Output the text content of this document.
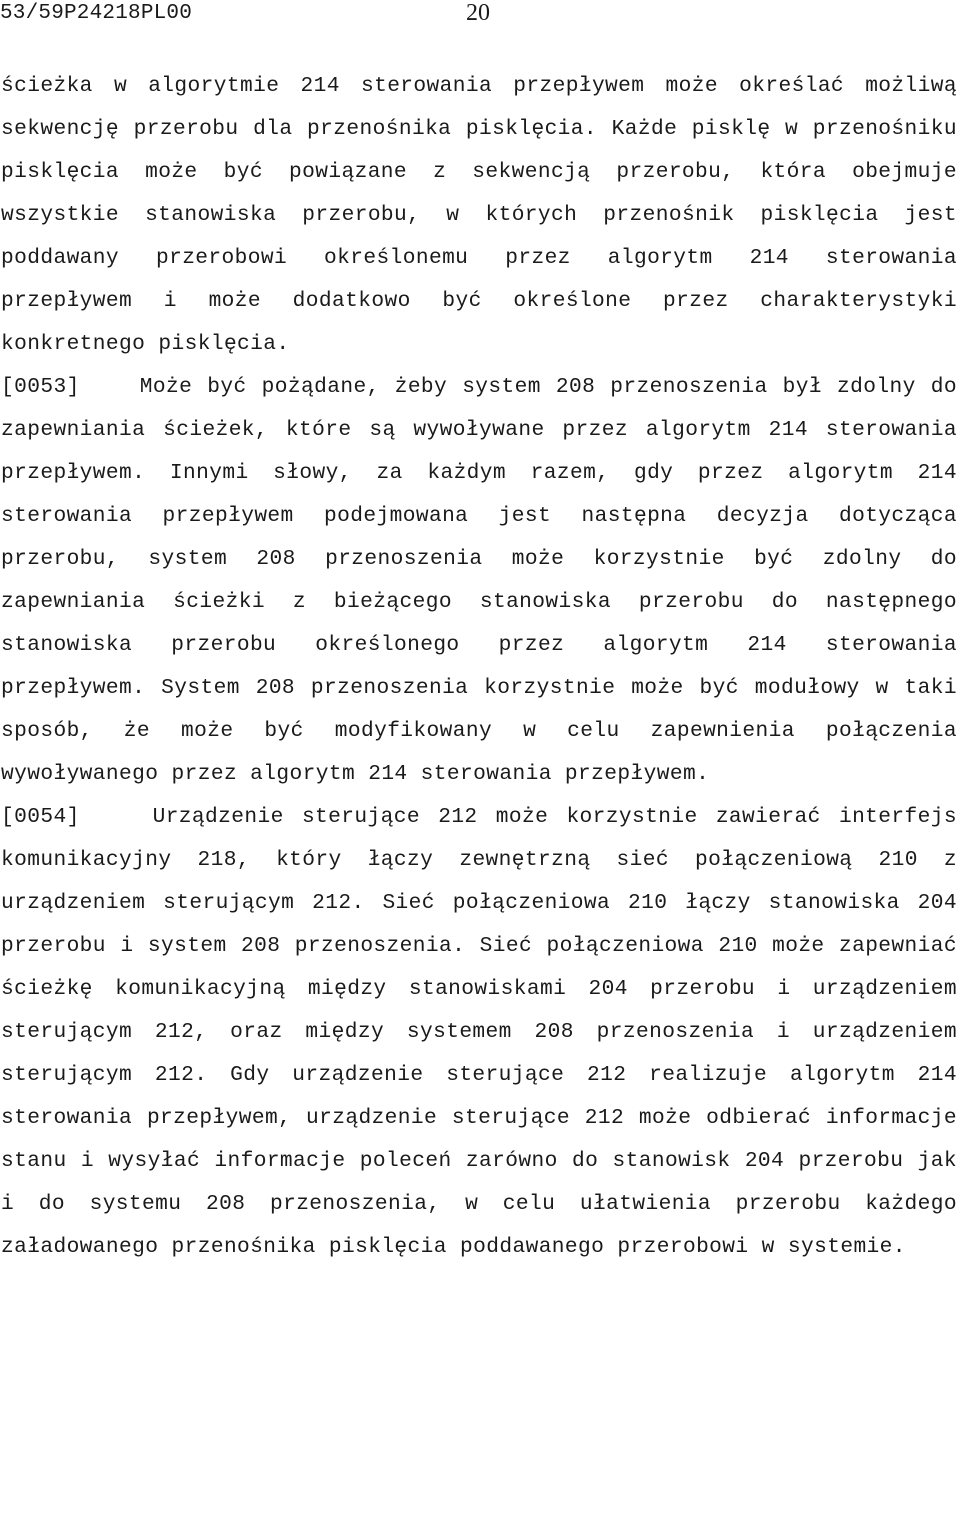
53/59P24218PL00	20

ścieżka w algorytmie 214 sterowania przepływem może określać możliwą sekwencję przerobu dla przenośnika pisklęcia. Każde pisklę w przenośniku pisklęcia może być powiązane z sekwencją przerobu, która obejmuje wszystkie stanowiska przerobu, w których przenośnik pisklęcia jest poddawany przerobowi określonemu przez algorytm 214 sterowania przepływem i może dodatkowo być określone przez charakterystyki konkretnego pisklęcia.

[0053]	Może być pożądane, żeby system 208 przenoszenia był zdolny do zapewniania ścieżek, które są wywoływane przez algorytm 214 sterowania przepływem. Innymi słowy, za każdym razem, gdy przez algorytm 214 sterowania przepływem podejmowana jest następna decyzja dotycząca przerobu, system 208 przenoszenia może korzystnie być zdolny do zapewniania ścieżki z bieżącego stanowiska przerobu do następnego stanowiska przerobu określonego przez algorytm 214 sterowania przepływem. System 208 przenoszenia korzystnie może być modułowy w taki sposób, że może być modyfikowany w celu zapewnienia połączenia wywoływanego przez algorytm 214 sterowania przepływem.

[0054]	Urządzenie sterujące 212 może korzystnie zawierać interfejs komunikacyjny 218, który łączy zewnętrzną sieć połączeniową 210 z urządzeniem sterującym 212. Sieć połączeniowa 210 łączy stanowiska 204 przerobu i system 208 przenoszenia. Sieć połączeniowa 210 może zapewniać ścieżkę komunikacyjną między stanowiskami 204 przerobu i urządzeniem sterującym 212, oraz między systemem 208 przenoszenia i urządzeniem sterującym 212. Gdy urządzenie sterujące 212 realizuje algorytm 214 sterowania przepływem, urządzenie sterujące 212 może odbierać informacje stanu i wysyłać informacje poleceń zarówno do stanowisk 204 przerobu jak i do systemu 208 przenoszenia, w celu ułatwienia przerobu każdego załadowanego przenośnika pisklęcia poddawanego przerobowi w systemie.
